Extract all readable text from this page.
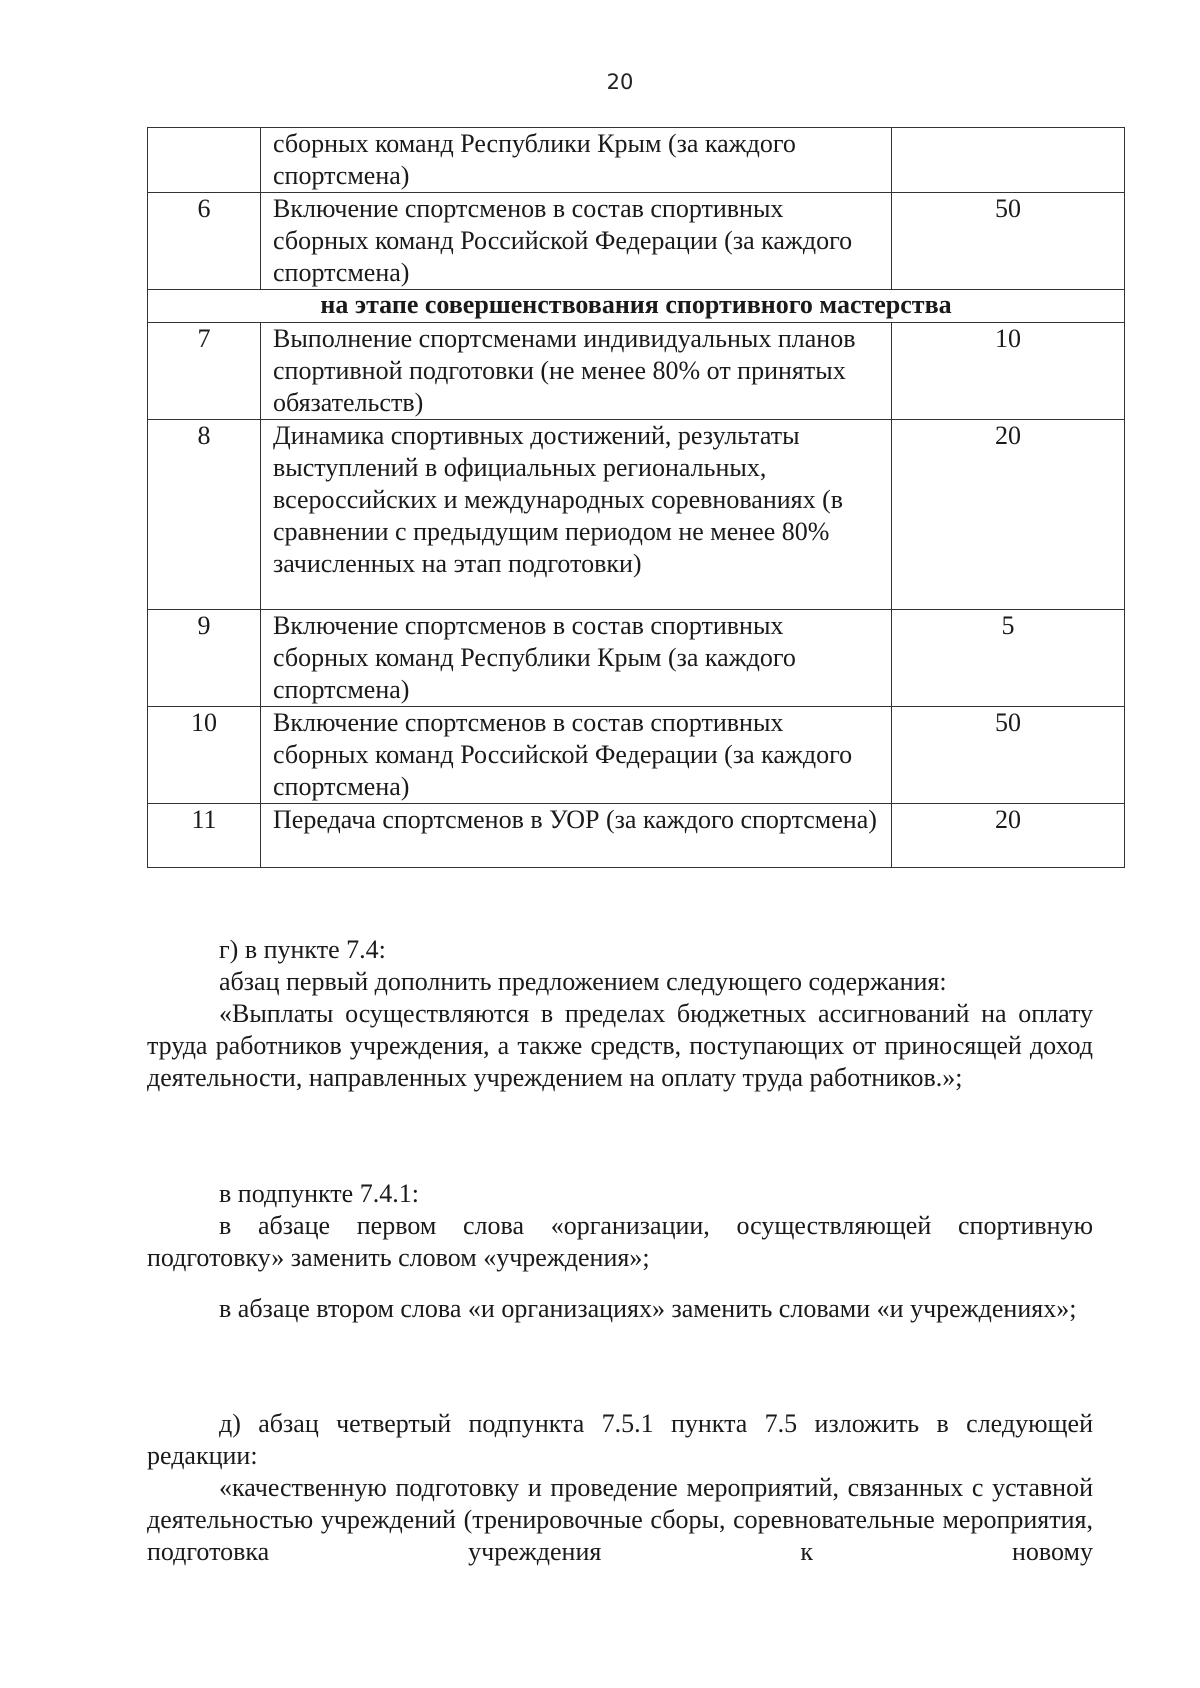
20
	сборных команд Республики Крым (за каждого спортсмена)	
6	Включение спортсменов в состав спортивных сборных команд Российской Федерации (за каждого спортсмена)	50
на этапе совершенствования спортивного мастерства		
7	Выполнение спортсменами индивидуальных планов спортивной подготовки (не менее 80% от принятых обязательств)	10
8	Динамика спортивных достижений, результаты выступлений в официальных региональных, всероссийских и международных соревнованиях (в сравнении с предыдущим периодом не менее 80% зачисленных на этап подготовки)	20
9	Включение спортсменов в состав спортивных сборных команд Республики Крым (за каждого спортсмена)	5
10	Включение спортсменов в состав спортивных сборных команд Российской Федерации (за каждого спортсмена)	50
11	Передача спортсменов в УОР (за каждого спортсмена)	20

г) в пункте 7.4:

абзац первый дополнить предложением следующего содержания:

«Выплаты осуществляются в пределах бюджетных ассигнований на оплату труда работников учреждения, а также средств, поступающих от приносящей доход деятельности, направленных учреждением на оплату труда работников.»;

в подпункте 7.4.1:

в абзаце первом слова «организации, осуществляющей спортивную подготовку» заменить словом «учреждения»;

в абзаце втором слова «и организациях» заменить словами «и учреждениях»;

д) абзац четвертый подпункта 7.5.1 пункта 7.5 изложить в следующей редакции:

«качественную подготовку и проведение мероприятий, связанных с уставной деятельностью учреждений (тренировочные сборы, соревновательные мероприятия, подготовка учреждения к новому
